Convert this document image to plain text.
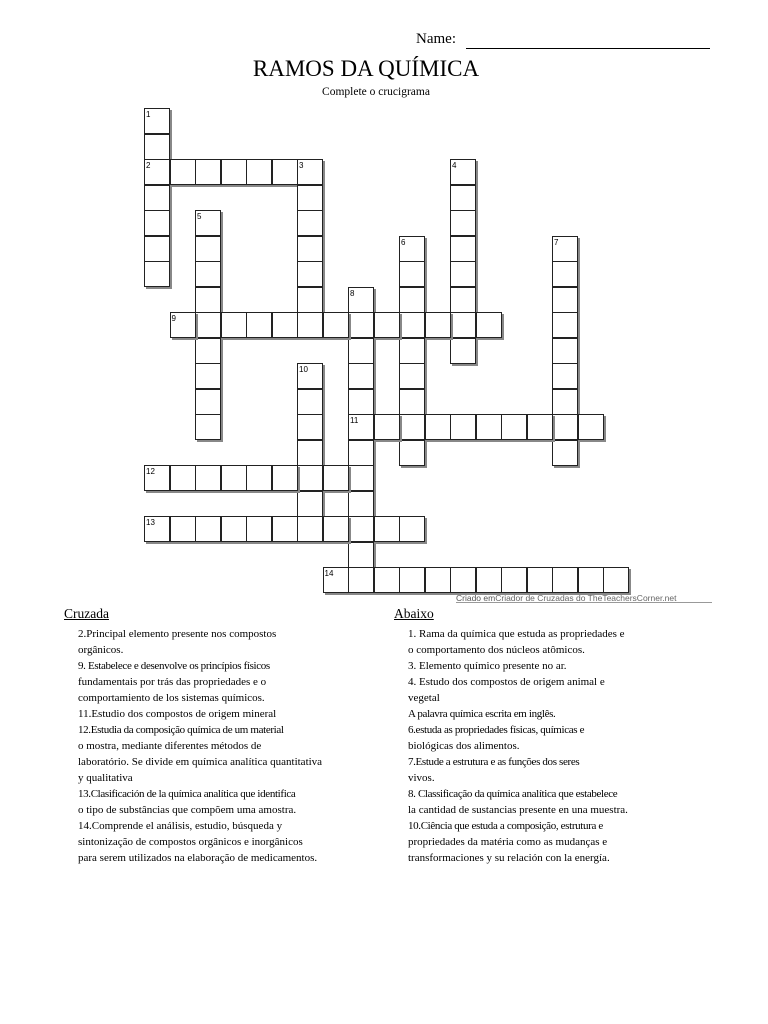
Name:
RAMOS DA QUÍMICA
Complete o crucigrama
1
2	3	4
5
6	7
8
9
10
11
12
13
14
Criado emCriador de Cruzadas do TheTeachersCorner.net
Cruzada	Abaixo
2.Principal elemento presente nos compostos
orgânicos.
9. Estabelece e desenvolve os princípios físicos
fundamentais por trás das propriedades e o
comportamiento de los sistemas químicos.
11.Estudio dos compostos de origem mineral
12.Estudia da composição química de um material
o mostra, mediante diferentes métodos de
laboratório. Se divide em química analítica quantitativa
y qualitativa
13.Clasificación de la química analítica que identifica
o tipo de substâncias que compõem uma amostra.
14.Comprende el análisis, estudio, búsqueda y
sintonização de compostos orgânicos e inorgânicos
para serem utilizados na elaboração de medicamentos.
1. Rama da química que estuda as propriedades e
o comportamento dos núcleos atômicos.
3. Elemento químico presente no ar.
4. Estudo dos compostos de origem animal e
vegetal
A palavra química escrita em inglês.
6.estuda as propriedades físicas, químicas e
biológicas dos alimentos.
7.Estude a estrutura e as funções dos seres
vivos.
8. Classificação da química analítica que estabelece
la cantidad de sustancias presente en una muestra.
10.Ciência que estuda a composição, estrutura e
propriedades da matéria como as mudanças e
transformaciones y su relación con la energía.
